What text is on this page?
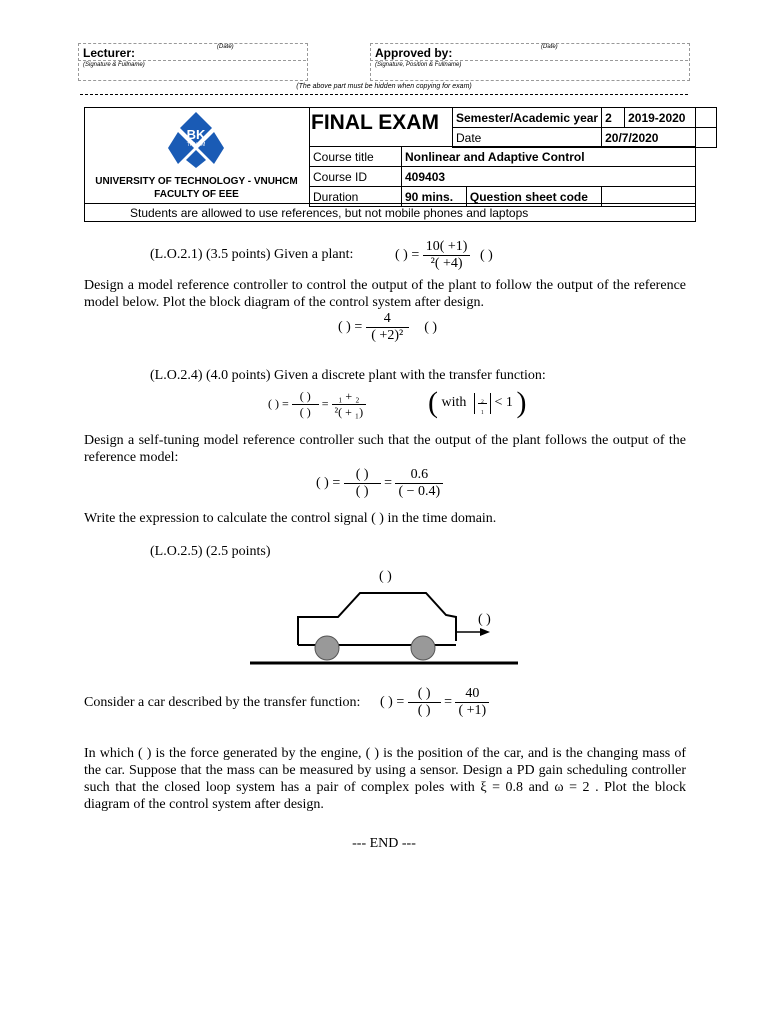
Lecturer:	(Date)
(Signature & Fullname)
Approved by:	(Date)
(Signature, Position & Fullname)
(The above part must be hidden when copying for exam)
BK
TP.HCM
UNIVERSITY OF TECHNOLOGY - VNUHCM
FACULTY OF EEE
FINAL EXAM Semester/Academic year	2	2019-2020
Date	20/7/2020	
Course title	Nonlinear and Adaptive Control		
Course ID	409403		
Duration	90 mins.	Question sheet code	
Students are allowed to use references, but not mobile phones and laptops
(L.O.2.1) (3.5 points) Given a plant:	( ) = $\frac{10( +1)}{\text{²( +4)}}$ ( )
Design a model reference controller to control the output of the plant to follow the output of the reference model below. Plot the block diagram of the control system after design.
( ) = $\frac{4}{\text{( +2)²}}$ ( )
(L.O.2.4) (4.0 points) Given a discrete plant with the transfer function:
( ) = $\frac{( )}{( )} = \frac{\text{₁ + ₂}}{\text{²( + ₁)}}$ ( with $\frac{\text{₂}}{\text{₁}} < 1$ )
Design a self-tuning model reference controller such that the output of the plant follows the output of the reference model:
( ) = $\frac{( )}{( )} = \frac{0.6}{( - 0.4)}$
Write the expression to calculate the control signal ( ) in the time domain.
(L.O.2.5) (2.5 points)
( )
( )
Consider a car described by the transfer function: ( ) = $\frac{( )}{( )} = \frac{40}{( +1)}$
In which ( ) is the force generated by the engine, ( ) is the position of the car, and is the changing mass of the car. Suppose that the mass can be measured by using a sensor. Design a PD gain scheduling controller such that the closed loop system has a pair of complex poles with ξ = 0.8 and ω = 2 . Plot the block diagram of the control system after design.
--- END ---
